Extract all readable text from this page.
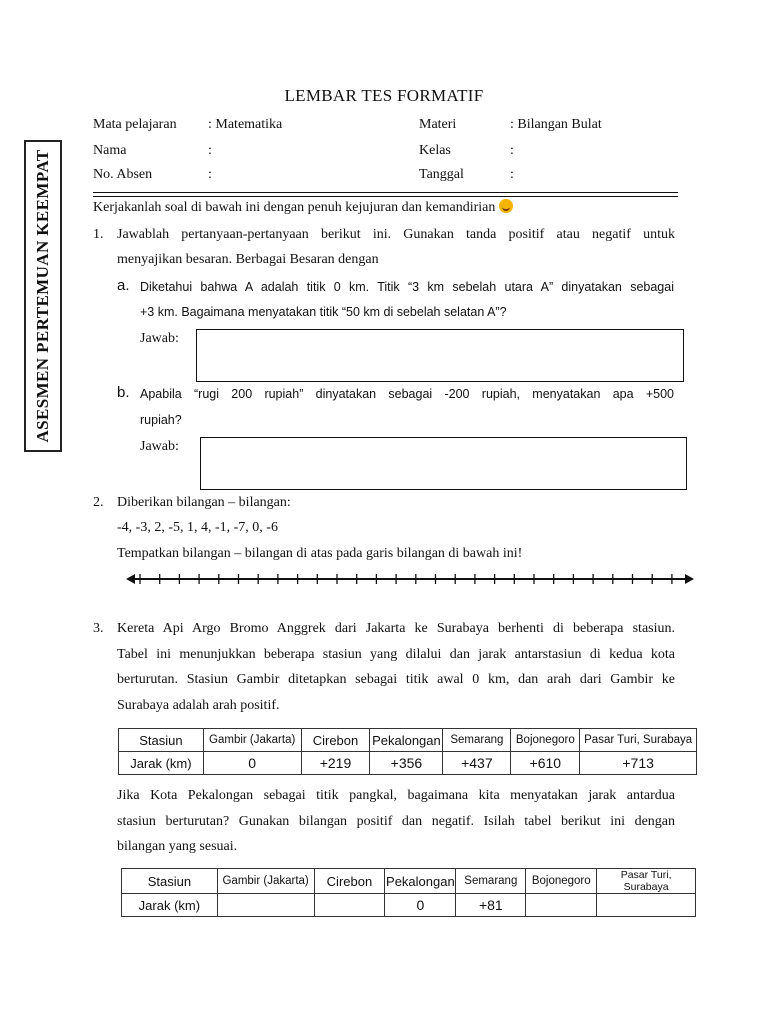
LEMBAR TES FORMATIF
ASESMEN PERTEMUAN KEEMPAT
Mata pelajaran : Matematika	Materi	: Bilangan Bulat
Nama	:	Kelas	:
No. Absen	:	Tanggal	:
Kerjakanlah soal di bawah ini dengan penuh kejujuran dan kemandirian
1. Jawablah pertanyaan-pertanyaan berikut ini. Gunakan tanda positif atau negatif untuk
menyajikan besaran. Berbagai Besaran dengan
a. Diketahui bahwa A adalah titik 0 km. Titik “3 km sebelah utara A” dinyatakan sebagai
+3 km. Bagaimana menyatakan titik “50 km di sebelah selatan A”?
Jawab:
b. Apabila “rugi 200 rupiah” dinyatakan sebagai -200 rupiah, menyatakan apa +500
rupiah?
Jawab:
2. Diberikan bilangan – bilangan:
-4, -3, 2, -5, 1, 4, -1, -7, 0, -6
Tempatkan bilangan – bilangan di atas pada garis bilangan di bawah ini!
3. Kereta Api Argo Bromo Anggrek dari Jakarta ke Surabaya berhenti di beberapa stasiun.
Tabel ini menunjukkan beberapa stasiun yang dilalui dan jarak antarstasiun di kedua kota
berturutan. Stasiun Gambir ditetapkan sebagai titik awal 0 km, dan arah dari Gambir ke
Surabaya adalah arah positif.
Stasiun	Gambir (Jakarta)	Cirebon	Pekalongan	Semarang	Bojonegoro	Pasar Turi, Surabaya
Jarak (km)	0	+219	+356	+437	+610	+713
Jika Kota Pekalongan sebagai titik pangkal, bagaimana kita menyatakan jarak antardua
stasiun berturutan? Gunakan bilangan positif dan negatif. Isilah tabel berikut ini dengan
bilangan yang sesuai.
Stasiun	Gambir (Jakarta)	Cirebon	Pekalongan	Semarang	Bojonegoro	Pasar Turi, Surabaya
Jarak (km)			0	+81		
